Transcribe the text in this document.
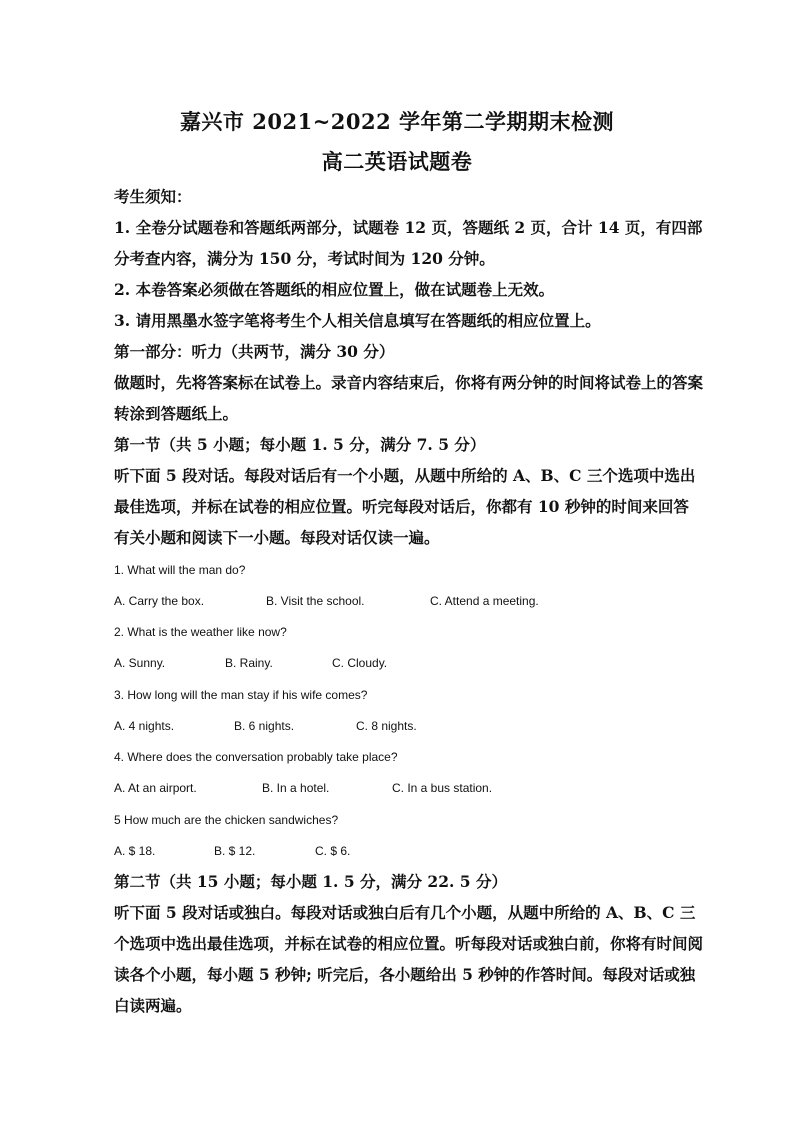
嘉兴市 2021~2022 学年第二学期期末检测
高二英语试题卷

考生须知：

1. 全卷分试题卷和答题纸两部分，试题卷 12 页，答题纸 2 页，合计 14 页，有四部分考查内容，满分为 150 分，考试时间为 120 分钟。

2. 本卷答案必须做在答题纸的相应位置上，做在试题卷上无效。

3. 请用黑墨水签字笔将考生个人相关信息填写在答题纸的相应位置上。

第一部分：听力（共两节，满分 30 分）

做题时，先将答案标在试卷上。录音内容结束后，你将有两分钟的时间将试卷上的答案转涂到答题纸上。

第一节（共 5 小题；每小题 1. 5 分，满分 7. 5 分）

听下面 5 段对话。每段对话后有一个小题，从题中所给的 A、B、C 三个选项中选出最佳选项，并标在试卷的相应位置。听完每段对话后，你都有 10 秒钟的时间来回答有关小题和阅读下一小题。每段对话仅读一遍。

1. What will the man do?

A. Carry the box.	B. Visit the school.	C. Attend a meeting.

2. What is the weather like now?

A. Sunny.	B. Rainy.	C. Cloudy.

3. How long will the man stay if his wife comes?

A. 4 nights.	B. 6 nights.	C. 8 nights.

4. Where does the conversation probably take place?

A. At an airport.	B. In a hotel.	C. In a bus station.

5 How much are the chicken sandwiches?

A. $ 18.	B. $ 12.	C. $ 6.

第二节（共 15 小题；每小题 1. 5 分，满分 22. 5 分）

听下面 5 段对话或独白。每段对话或独白后有几个小题，从题中所给的 A、B、C 三个选项中选出最佳选项，并标在试卷的相应位置。听每段对话或独白前，你将有时间阅读各个小题，每小题 5 秒钟; 听完后，各小题给出 5 秒钟的作答时间。每段对话或独白读两遍。
